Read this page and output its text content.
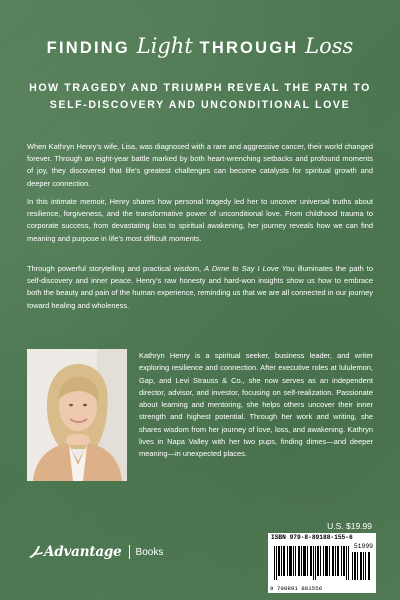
FINDING Light THROUGH Loss
HOW TRAGEDY AND TRIUMPH REVEAL THE PATH TO
SELF-DISCOVERY AND UNCONDITIONAL LOVE

When Kathryn Henry’s wife, Lisa, was diagnosed with a rare and aggressive cancer, their world changed forever. Through an eight-year battle marked by both heart-wrenching setbacks and profound moments of joy, they discovered that life’s greatest challenges can become catalysts for spiritual growth and deeper connection.

In this intimate memoir, Henry shares how personal tragedy led her to uncover universal truths about resilience, forgiveness, and the transformative power of unconditional love. From childhood trauma to corporate success, from devastating loss to spiritual awakening, her journey reveals how we can find meaning and purpose in life’s most difficult moments.

Through powerful storytelling and practical wisdom, A Dime to Say I Love You illuminates the path to self-discovery and inner peace. Henry’s raw honesty and hard-won insights show us how to embrace both the beauty and pain of the human experience, reminding us that we are all connected in our journey toward healing and wholeness.

Kathryn Henry is a spiritual seeker, business leader, and writer exploring resilience and connection. After executive roles at lululemon, Gap, and Levi Strauss & Co., she now serves as an independent director, advisor, and investor, focusing on self-realization. Passionate about learning and mentoring, she helps others uncover their inner strength and highest potential. Through her work and writing, she shares wisdom from her journey of love, loss, and awakening. Kathryn lives in Napa Valley with her two pups, finding dimes—and deeper meaning—in unexpected places.

U.S. $19.99
ISBN 979-8-89188-155-6
51999
9 798891 881556
Advantage Books
